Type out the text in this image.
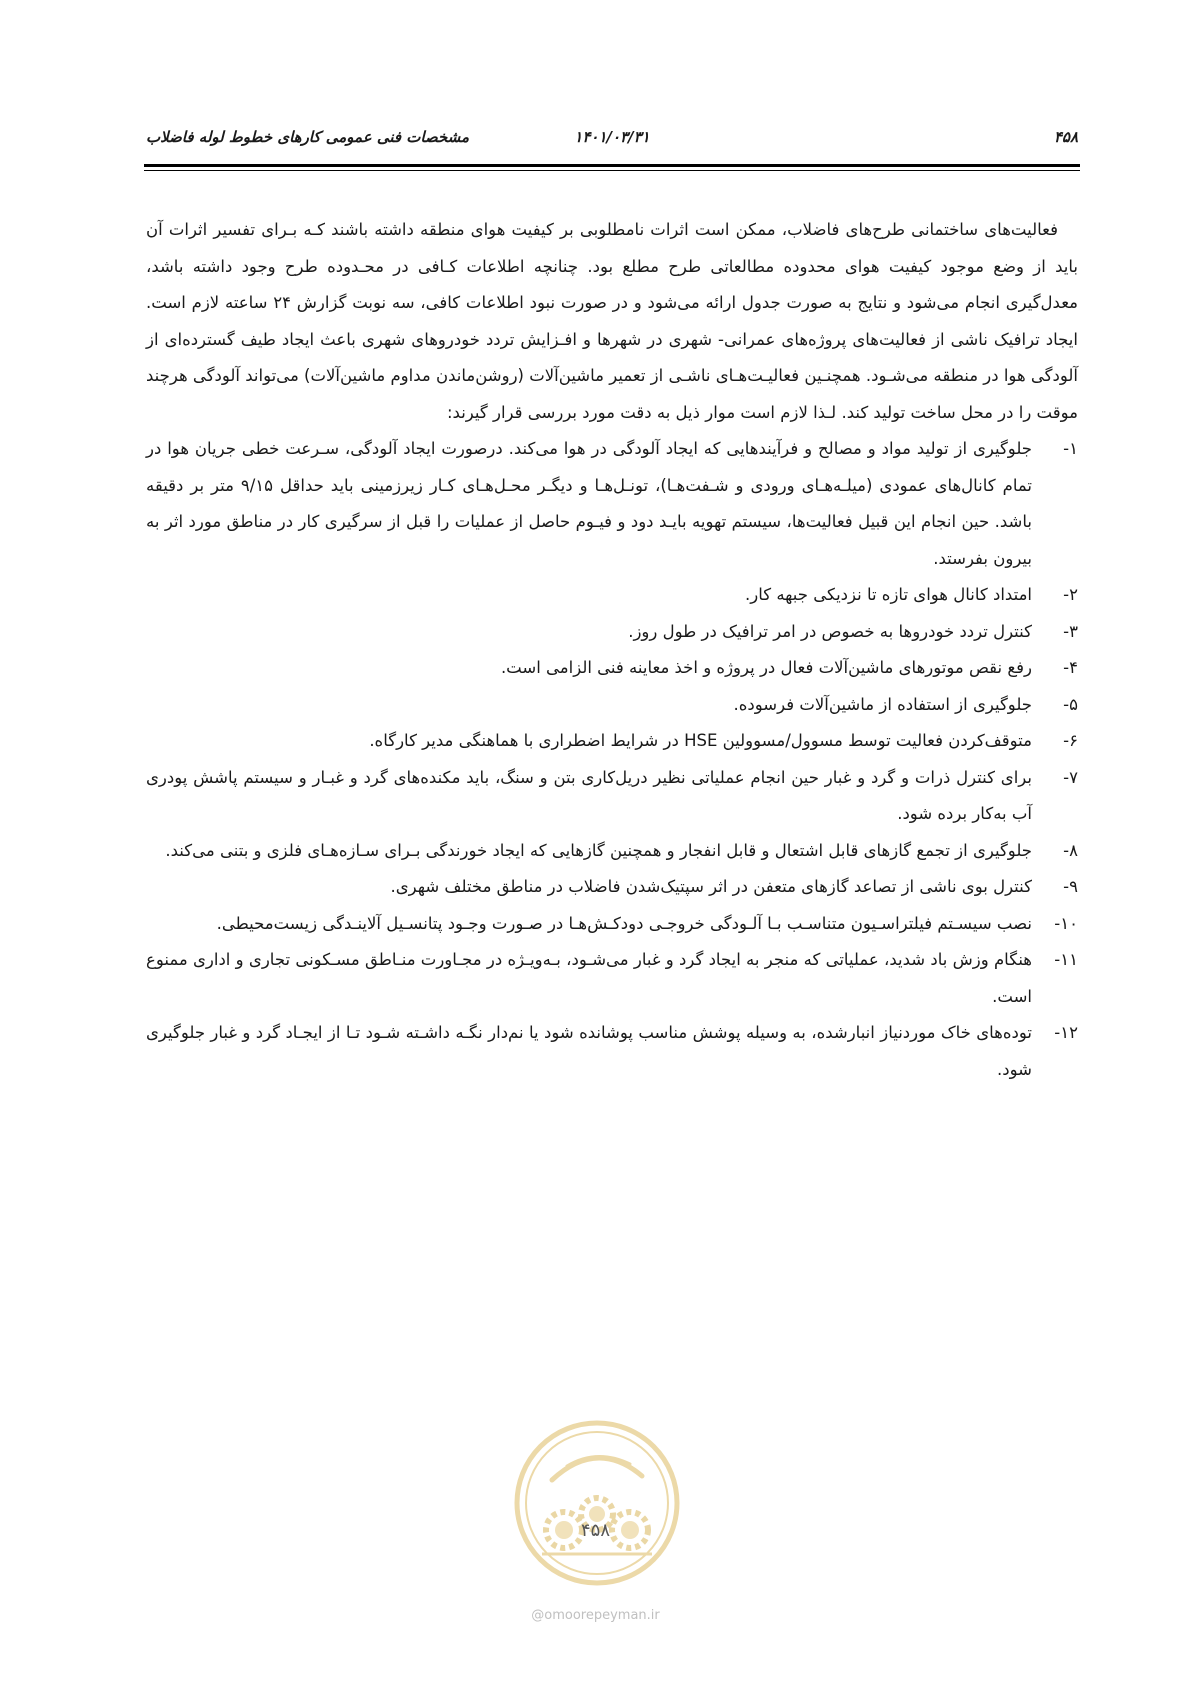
۴۵۸
۱۴۰۱/۰۳/۳۱
مشخصات فنی عمومی کارهای خطوط لوله فاضلاب

فعالیت‌های ساختمانی طرح‌های فاضلاب، ممکن است اثرات نامطلوبی بر کیفیت هوای منطقه داشته باشند کـه بـرای تفسیر اثرات آن باید از وضع موجود کیفیت هوای محدوده مطالعاتی طرح مطلع بود. چنانچه اطلاعات کـافی در محـدوده طرح وجود داشته باشد، معدل‌گیری انجام می‌شود و نتایج به صورت جدول ارائه می‌شود و در صورت نبود اطلاعات کافی، سه نوبت گزارش ۲۴ ساعته لازم است. ایجاد ترافیک ناشی از فعالیت‌های پروژه‌های عمرانی- شهری در شهرها و افـزایش تردد خودروهای شهری باعث ایجاد طیف گسترده‌ای از آلودگی هوا در منطقه می‌شـود. همچنـین فعالیـت‌هـای ناشـی از تعمیر ماشین‌آلات (روشن‌ماندن مداوم ماشین‌آلات) می‌تواند آلودگی هرچند موقت را در محل ساخت تولید کند. لـذا لازم است موار ذیل به دقت مورد بررسی قرار گیرند:

۱-
جلوگیری از تولید مواد و مصالح و فرآیندهایی که ایجاد آلودگی در هوا می‌کند. درصورت ایجاد آلودگی، سـرعت خطی جریان هوا در تمام کانال‌های عمودی (میلـه‌هـای ورودی و شـفت‌هـا)، تونـل‌هـا و دیگـر محـل‌هـای کـار زیرزمینی باید حداقل ۹/۱۵ متر بر دقیقه باشد. حین انجام این قبیل فعالیت‌ها، سیستم تهویه بایـد دود و فیـوم حاصل از عملیات را قبل از سرگیری کار در مناطق مورد اثر به بیرون بفرستد.
۲-
امتداد کانال هوای تازه تا نزدیکی جبهه کار.
۳-
کنترل تردد خودروها به خصوص در امر ترافیک در طول روز.
۴-
رفع نقص موتورهای ماشین‌آلات فعال در پروژه و اخذ معاینه فنی الزامی است.
۵-
جلوگیری از استفاده از ماشین‌آلات فرسوده.
۶-
متوقف‌کردن فعالیت توسط مسوول/مسوولین HSE در شرایط اضطراری با هماهنگی مدیر کارگاه.
۷-
برای کنترل ذرات و گرد و غبار حین انجام عملیاتی نظیر دریل‌کاری بتن و سنگ، باید مکنده‌های گرد و غبـار و سیستم پاشش پودری آب به‌کار برده شود.
۸-
جلوگیری از تجمع گازهای قابل اشتعال و قابل انفجار و همچنین گازهایی که ایجاد خورندگی بـرای سـازه‌هـای فلزی و بتنی می‌کند.
۹-
کنترل بوی ناشی از تصاعد گازهای متعفن در اثر سپتیک‌شدن فاضلاب در مناطق مختلف شهری.
۱۰-
نصب سیسـتم فیلتراسـیون متناسـب بـا آلـودگی خروجـی دودکـش‌هـا در صـورت وجـود پتانسـیل آلاینـدگی زیست‌محیطی.
۱۱-
هنگام وزش باد شدید، عملیاتی که منجر به ایجاد گرد و غبار می‌شـود، بـه‌ویـژه در مجـاورت منـاطق مسـکونی تجاری و اداری ممنوع است.
۱۲-
توده‌های خاک موردنیاز انبارشده، به وسیله پوشش مناسب پوشانده شود یا نم‌دار نگـه داشـته شـود تـا از ایجـاد گرد و غبار جلوگیری شود.
۴۵۸
@omoorepeyman.ir
